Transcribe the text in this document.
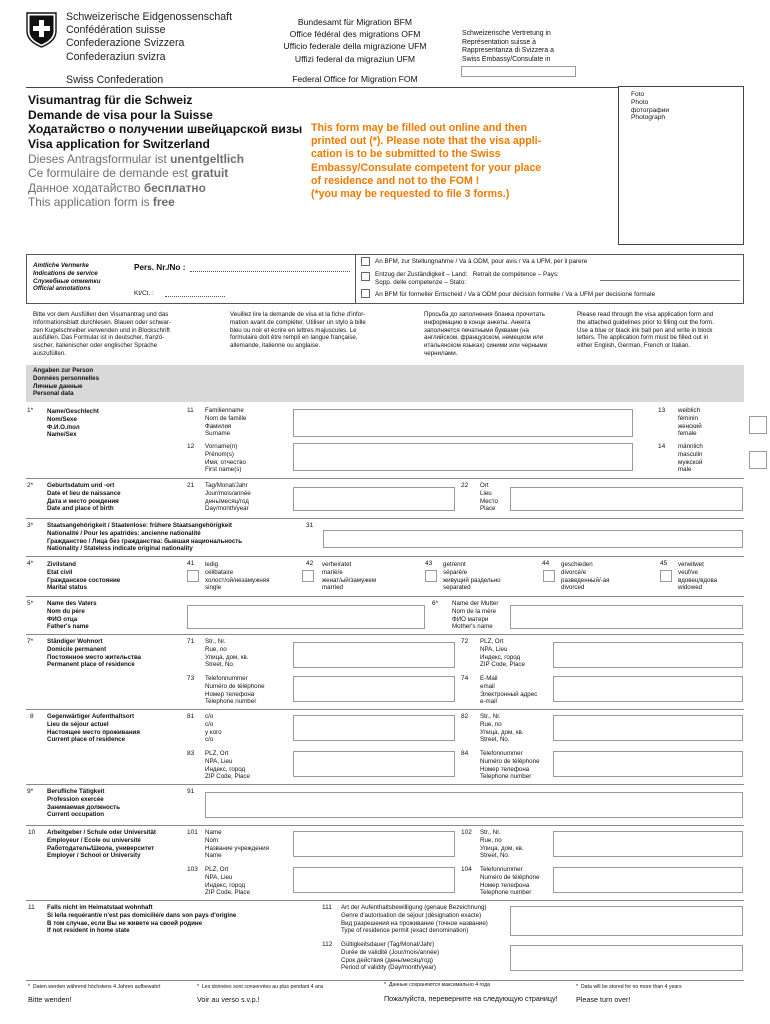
Schweizerische Eidgenossenschaft
Confédération suisse
Confederazione Svizzera
Confederaziun svizra
Swiss Confederation
Bundesamt für Migration BFM
Office fédéral des migrations OFM
Ufficio federale della migrazione UFM
Uffizi federal da migraziun UFM
Federal Office for Migration FOM
Schweizerische Vertretung in
Représentation suisse à
Rappresentanza di Svizzera a
Swiss Embassy/Consulate in
Foto
Photo
фотографии
Photograph
Visumantrag für die Schweiz
Demande de visa pour la Suisse
Ходатайство о получении швейцарской визы
Visa application for Switzerland
Dieses Antragsformular ist unentgeltlich
Ce formulaire de demande est gratuit
Данное ходатайство бесплатно
This application form is free
This form may be filled out online and then
printed out (*). Please note that the visa appli-
cation is to be submitted to the Swiss
Embassy/Consulate competent for your place
of residence and not to the FOM !
(*you may be requested to file 3 forms.)
Amtliche Vermerke
Indications de service
Служебные отметки
Official annotations
Pers. Nr./No :
Kt/Ct. :
An BFM, zur Stellungnahme / Va à ODM, pour avis / Va a UFM, per il parere
Entzug der Zuständigkeit – Land: Retrait de compétence – Pays:
Sopp. delle competenze – Stato:
An BFM für formeller Entscheid / Va à ODM pour décision formelle / Va a UFM per decisione formale
Bitte vor dem Ausfüllen den Visumantrag und das
Informationsblatt durchlesen. Blauen oder schwar-
zen Kugelschreiber verwenden und in Blockschrift
ausfüllen. Das Formular ist in deutscher, franzö-
sischer, italienischer oder englischer Sprache
auszufüllen.
Veuillez lire la demande de visa et la fiche d'infor-
mation avant de compléter. Utiliser un stylo à bille
bleu ou noir et écrire en lettres majuscules. Le
formulaire doit être rempli en langue française,
allemande, italienne ou anglaise.
Просьба до заполнения бланка прочитать
информацию в конце анкеты. Анкета
заполняется печатными буквами (на
английском, французском, немецком или
итальянском языках) синими или черными
чернилами.
Please read through the visa application form and
the attached guidelines prior to filling out the form.
Use a blue or black ink ball pen and write in block
letters. The application form must be filled out in
either English, German, French or Italian.
Angaben zur Person
Données personnelles
Личные данные
Personal data
1* Name/Geschlecht
Nom/Sexe
Ф.И.О./пол
Name/Sex
11 Familienname
Nom de famille
Фамилия
Surname
12 Vorname(n)
Prénom(s)
Имя, отчество
First name(s)
13 weiblich
féminin
женский
female
14 männlich
masculin
мужской
male
2* Geburtsdatum und -ort
Date et lieu de naissance
Дата и место рождения
Date and place of birth
21 Tag/Monat/Jahr
Jour/mois/année
день/месяц/год
Day/month/year
22 Ort
Lieu
Место
Place
3* Staatsangehörigkeit / Staatenlose: frühere Staatsangehörigkeit
Nationalité / Pour les apatrides: ancienne nationalité
Гражданство / Лица без гражданства: бывшая национальность
Nationality / Stateless indicate original nationality
31
4* Zivilstand
Etat civil
Гражданское состояние
Marital status
41 ledig
célibataire
холост/ой/незамужняя
single
42 verheiratet
marié/e
женат/ый/замужем
married
43 getrennt
séparé/e
живущий раздельно
separated
44 geschieden
divorcé/e
разведенный/-ая
divorced
45 verwitwet
veuf/ve
вдовец/вдова
widowed
5* Name des Vaters
Nom du père
ФИО отца
Father's name
6* Name der Mutter
Nom de la mère
ФИО матери
Mother's name
7* Ständiger Wohnort
Domicile permanent
Постоянное место жительства
Permanent place of residence
71 Str., Nr.
Rue, no
Улица, дом, кв.
Street, No.
72 PLZ, Ort
NPA, Lieu
Индекс, город
ZIP Code, Place
73 Telefonnummer
Numéro de téléphone
Номер телефона
Telephone number
74 E-Mail
email
Электронный адрес
e-mail
8 Gegenwärtiger Aufenthaltsort
Lieu de séjour actuel
Настоящее место проживания
Current place of residence
81 c/o
c/o
у кого
c/o
82 Str., Nr.
Rue, no
Улица, дом, кв.
Street, No.
83 PLZ, Ort
NPA, Lieu
Индекс, город
ZIP Code, Place
84 Telefonnummer
Numéro de téléphone
Номер телефона
Telephone number
9* Berufliche Tätigkeit
Profession exercée
Занимаемая должность
Current occupation
91
10 Arbeitgeber / Schule oder Universität
Employeur / Ecole ou université
Работодатель/Школа, университет
Employer / School or University
101 Name
Nom
Название учреждения
Name
102 Str., Nr.
Rue, no
Улица, дом, кв.
Street, No.
103 PLZ, Ort
NPA, Lieu
Индекс, город
ZIP Code, Place
104 Telefonnummer
Numéro de téléphone
Номер телефона
Telephone number
11 Falls nicht im Heimatstaat wohnhaft
Si le/la requérant/e n'est pas domicilié/e dans son pays d'origine
В том случае, если Вы не живете на своей родине
If not resident in home state
111 Art der Aufenthaltsbewilligung (genaue Bezeichnung)
Genre d'autorisation de séjour (désignation exacte)
Вид разрешения на проживание (точное название)
Type of residence permit (exact denomination)
112 Gültigkeitsdauer (Tag/Monat/Jahr)
Durée de validité (Jour/mois/année)
Срок действия (день/месяц/год)
Period of validity (Day/month/year)
* Daten werden während höchstens 4 Jahren aufbewahrt	* Les données sont conservées au plus pendant 4 ans	* Данные сохраняются максимально 4 года	* Data will be stored for no more than 4 years
Bitte wenden!	Voir au verso s.v.p.!	Пожалуйста, переверните на следующую страницу!	Please turn over!
